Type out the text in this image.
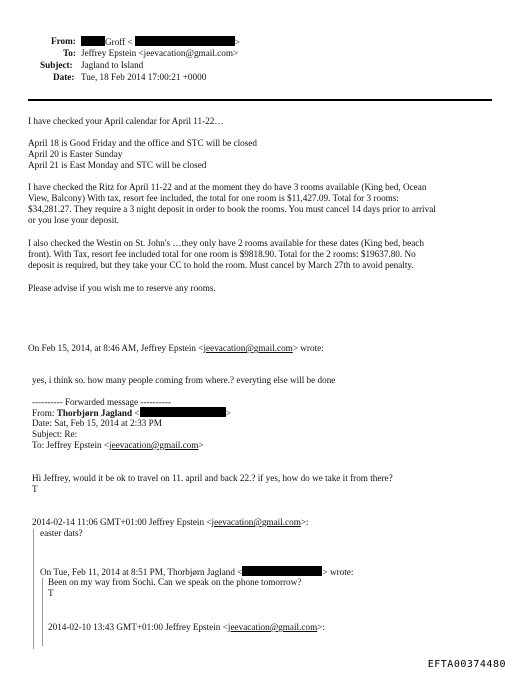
From:	Groff <	>
To: Jeffrey Epstein <jeevacation@gmail.com>
Subject: Jagland to Island
Date: Tue, 18 Feb 2014 17:00:21 +0000
I have checked your April calendar for April 11-22…
April 18 is Good Friday and the office and STC will be closed
April 20 is Easter Sunday
April 21 is East Monday and STC will be closed
I have checked the Ritz for April 11-22 and at the moment they do have 3 rooms available (King bed, Ocean
View, Balcony) With tax, resort fee included, the total for one room is $11,427.09. Total for 3 rooms:
$34,281.27. They require a 3 night deposit in order to book the rooms. You must cancel 14 days prior to arrival
or you lose your deposit.
I also checked the Westin on St. John's …they only have 2 rooms available for these dates (King bed, beach
front). With Tax, resort fee included total for one room is $9818.90. Total for the 2 rooms: $19637.80. No
deposit is required, but they take your CC to hold the room. Must cancel by March 27th to avoid penalty.
Please advise if you wish me to reserve any rooms.
On Feb 15, 2014, at 8:46 AM, Jeffrey Epstein <jeevacation@gmail.com> wrote:
yes, i think so. how many people coming from where.? everyting else will be done
---------- Forwarded message ----------
From: Thorbjørn Jagland <	>
Date: Sat, Feb 15, 2014 at 2:33 PM
Subject: Re:
To: Jeffrey Epstein <jeevacation@gmail.com>
Hi Jeffrey, would it be ok to travel on 11. april and back 22.? if yes, how do we take it from there?
T
2014-02-14 11:06 GMT+01:00 Jeffrey Epstein <jeevacation@gmail.com>:
easter dats?
On Tue, Feb 11, 2014 at 8:51 PM, Thorbjørn Jagland <	> wrote:
Been on my way from Sochi. Can we speak on the phone tomorrow?
T
2014-02-10 13:43 GMT+01:00 Jeffrey Epstein <jeevacation@gmail.com>:
EFTA00374480
